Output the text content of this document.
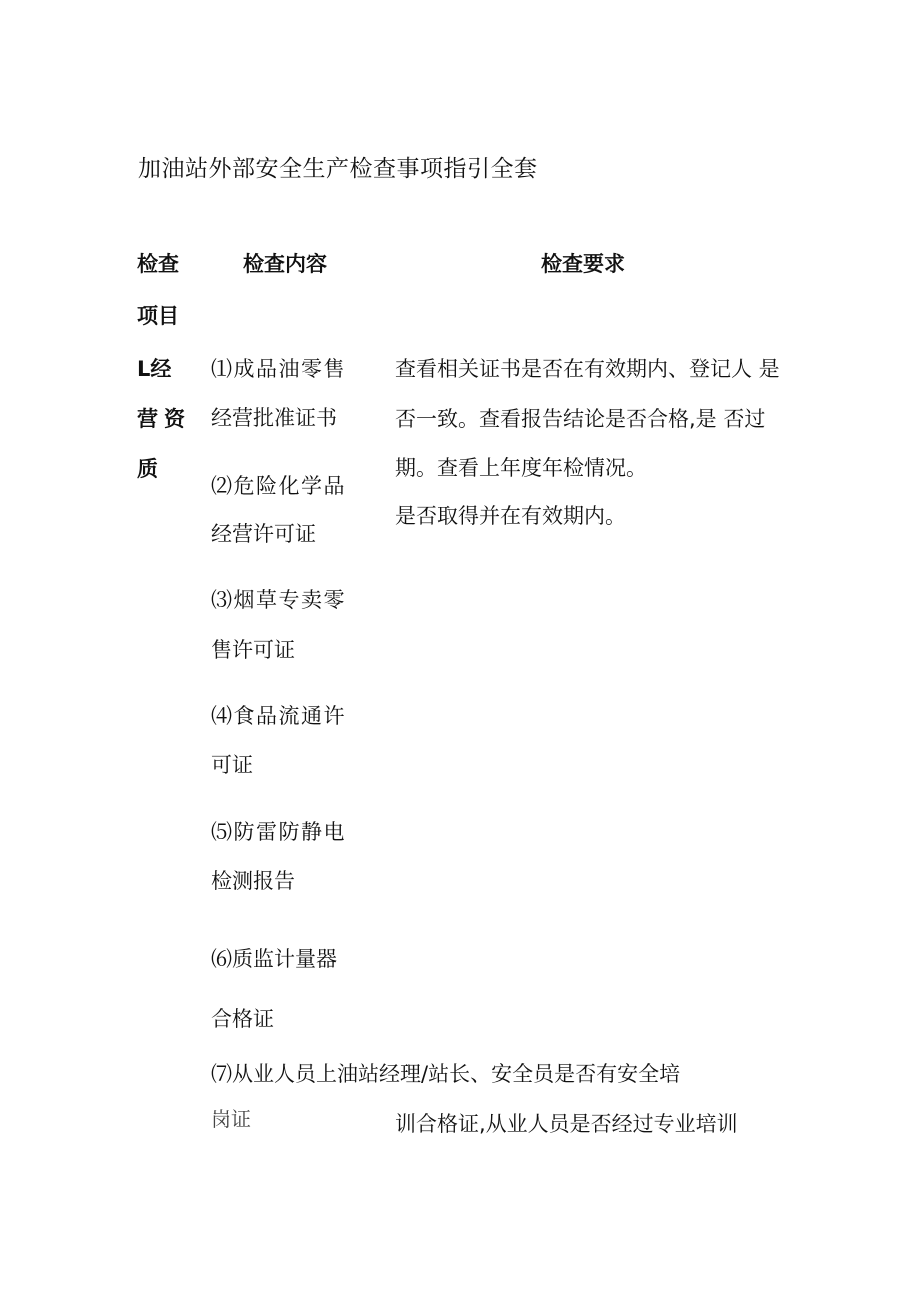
加油站外部安全生产检查事项指引全套
检查
项目
检查内容	检查要求
L经
营资
质
⑴成品油零售
经营批准证书
⑵危险化学品
经营许可证
⑶烟草专卖零
售许可证
⑷食品流通许
可证
⑸防雷防静电
检测报告
⑹质监计量器
合格证
查看相关证书是否在有效期内、登记人 是
否一致。查看报告结论是否合格,是 否过
期。查看上年度年检情况。
是否取得并在有效期内。
⑺从业人员上油站经理/站长、安全员是否有安全培
岗证	训合格证,从业人员是否经过专业培训
